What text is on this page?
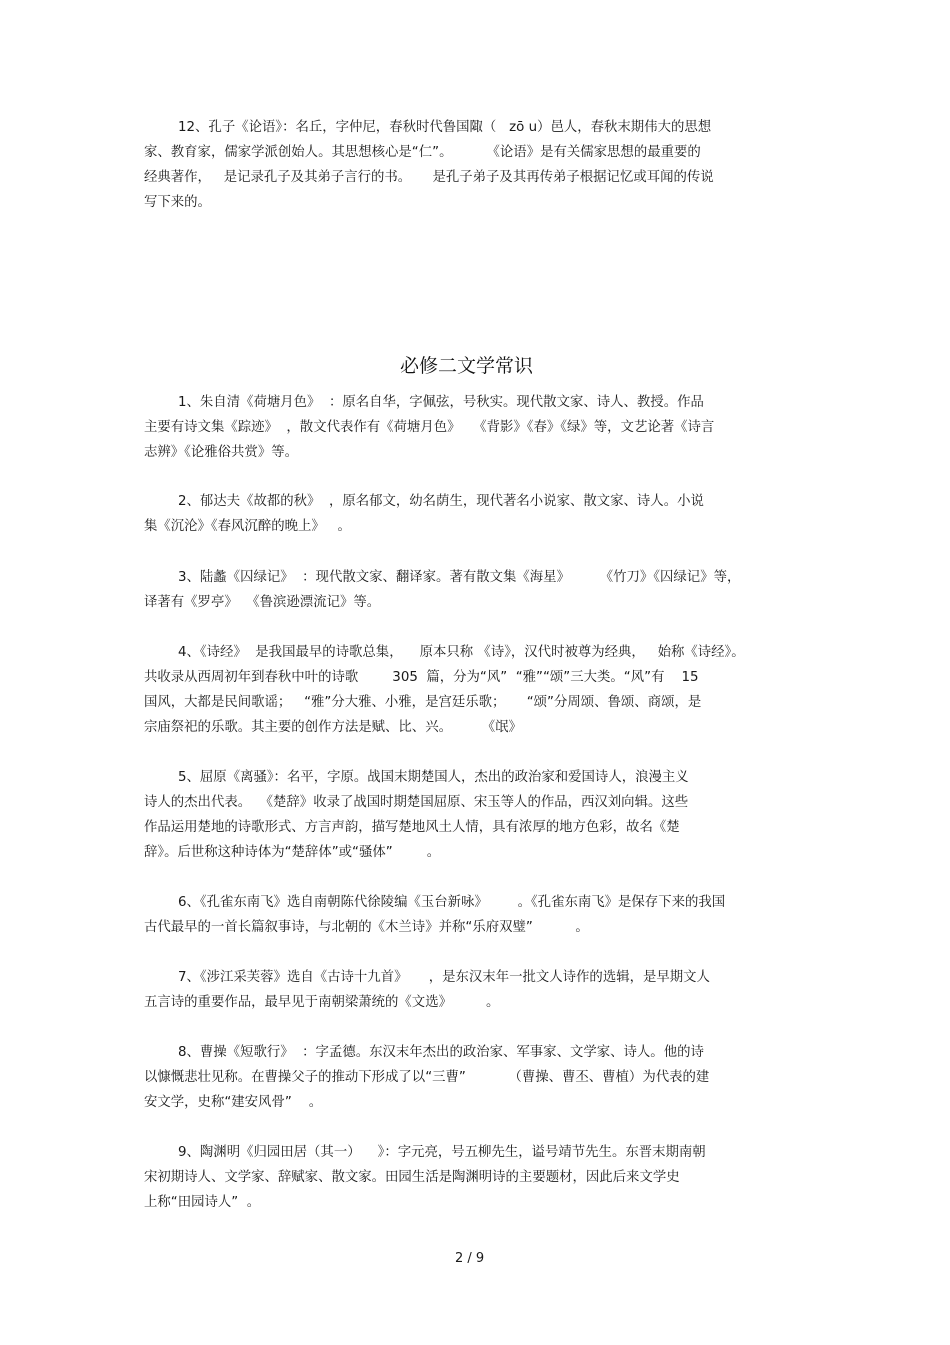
12、孔子《论语》：名丘，字仲尼，春秋时代鲁国陬（   zō u）邑人，春秋末期伟大的思想
家、教育家，儒家学派创始人。其思想核心是“仁”。        《论语》是有关儒家思想的最重要的
经典著作，   是记录孔子及其弟子言行的书。     是孔子弟子及其再传弟子根据记忆或耳闻的传说
写下来的。
必修二文学常识
1、朱自清《荷塘月色》  ：原名自华，字佩弦，号秋实。现代散文家、诗人、教授。作品
主要有诗文集《踪迹》  ，散文代表作有《荷塘月色》   《背影》《春》《绿》等，文艺论著《诗言
志辨》《论雅俗共赏》等。
2、郁达夫《故都的秋》  ，原名郁文，幼名荫生，现代著名小说家、散文家、诗人。小说
集《沉沦》《春风沉醉的晚上》   。
3、陆蠡《囚绿记》  ：现代散文家、翻译家。著有散文集《海星》       《竹刀》《囚绿记》等，
译著有《罗亭》  《鲁滨逊漂流记》等。
4、《诗经》  是我国最早的诗歌总集，    原本只称 《诗》，汉代时被尊为经典，   始称《诗经》。
共收录从西周初年到春秋中叶的诗歌        305  篇，分为“风”  “雅”“颂”三大类。“风”有    15
国风，大都是民间歌谣；   “雅”分大雅、小雅，是宫廷乐歌；     “颂”分周颂、鲁颂、商颂，是
宗庙祭祀的乐歌。其主要的创作方法是赋、比、兴。       《氓》
5、屈原《离骚》：名平，字原。战国末期楚国人，杰出的政治家和爱国诗人，浪漫主义
诗人的杰出代表。  《楚辞》收录了战国时期楚国屈原、宋玉等人的作品，西汉刘向辑。这些
作品运用楚地的诗歌形式、方言声韵，描写楚地风土人情，具有浓厚的地方色彩，故名《楚
辞》。后世称这种诗体为“楚辞体”或“骚体”        。
6、《孔雀东南飞》选自南朝陈代徐陵编《玉台新咏》       。《孔雀东南飞》是保存下来的我国
古代最早的一首长篇叙事诗，与北朝的《木兰诗》并称“乐府双璧”          。
7、《涉江采芙蓉》选自《古诗十九首》     ，是东汉末年一批文人诗作的选辑，是早期文人
五言诗的重要作品，最早见于南朝梁萧统的《文选》        。
8、曹操《短歌行》  ：字孟德。东汉末年杰出的政治家、军事家、文学家、诗人。他的诗
以慷慨悲壮见称。在曹操父子的推动下形成了以“三曹”          （曹操、曹丕、曹植）为代表的建
安文学，史称“建安风骨”    。
9、陶渊明《归园田居（其一）    》：字元亮，号五柳先生，谥号靖节先生。东晋末期南朝
宋初期诗人、文学家、辞赋家、散文家。田园生活是陶渊明诗的主要题材，因此后来文学史
上称“田园诗人”  。
2 / 9
